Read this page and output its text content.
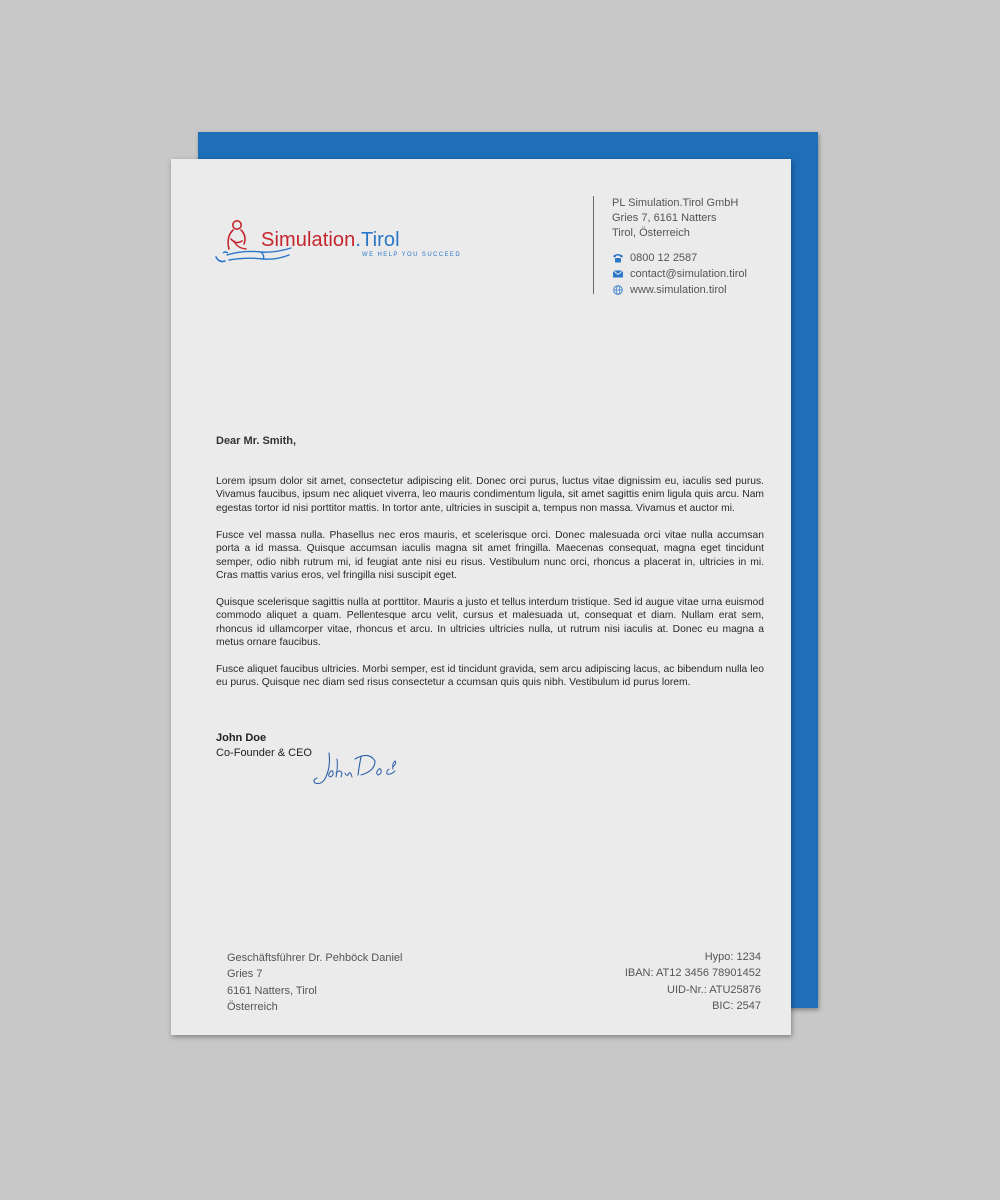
Simulation.Tirol
WE HELP YOU SUCCEED
PL Simulation.Tirol GmbH
Gries 7, 6161 Natters
Tirol, Österreich
0800 12 2587
contact@simulation.tirol
www.simulation.tirol
Dear Mr. Smith,

Lorem ipsum dolor sit amet, consectetur adipiscing elit. Donec orci purus, luctus vitae dignissim eu, iaculis sed purus. Vivamus faucibus, ipsum nec aliquet viverra, leo mauris condimentum ligula, sit amet sagittis enim ligula quis arcu. Nam egestas tortor id nisi porttitor mattis. In tortor ante, ultricies in suscipit a, tempus non massa. Vivamus et auctor mi.

Fusce vel massa nulla. Phasellus nec eros mauris, et scelerisque orci. Donec malesuada orci vitae nulla accumsan porta a id massa. Quisque accumsan iaculis magna sit amet fringilla. Maecenas consequat, magna eget tincidunt semper, odio nibh rutrum mi, id feugiat ante nisi eu risus. Vestibulum nunc orci, rhoncus a placerat in, ultricies in mi. Cras mattis varius eros, vel fringilla nisi suscipit eget.

Quisque scelerisque sagittis nulla at porttitor. Mauris a justo et tellus interdum tristique. Sed id augue vitae urna euismod commodo aliquet a quam. Pellentesque arcu velit, cursus et malesuada ut, consequat et diam. Nullam erat sem, rhoncus id ullamcorper vitae, rhoncus et arcu. In ultricies ultricies nulla, ut rutrum nisi iaculis at. Donec eu magna a metus ornare faucibus.

Fusce aliquet faucibus ultricies. Morbi semper, est id tincidunt gravida, sem arcu adipiscing lacus, ac bibendum nulla leo eu purus. Quisque nec diam sed risus consectetur a ccumsan quis quis nibh. Vestibulum id purus lorem.

John Doe
Co-Founder & CEO
Geschäftsführer Dr. Pehböck Daniel
Gries 7
6161 Natters, Tirol
Österreich
Hypo: 1234
IBAN: AT12 3456 78901452
UID-Nr.: ATU25876
BIC: 2547
